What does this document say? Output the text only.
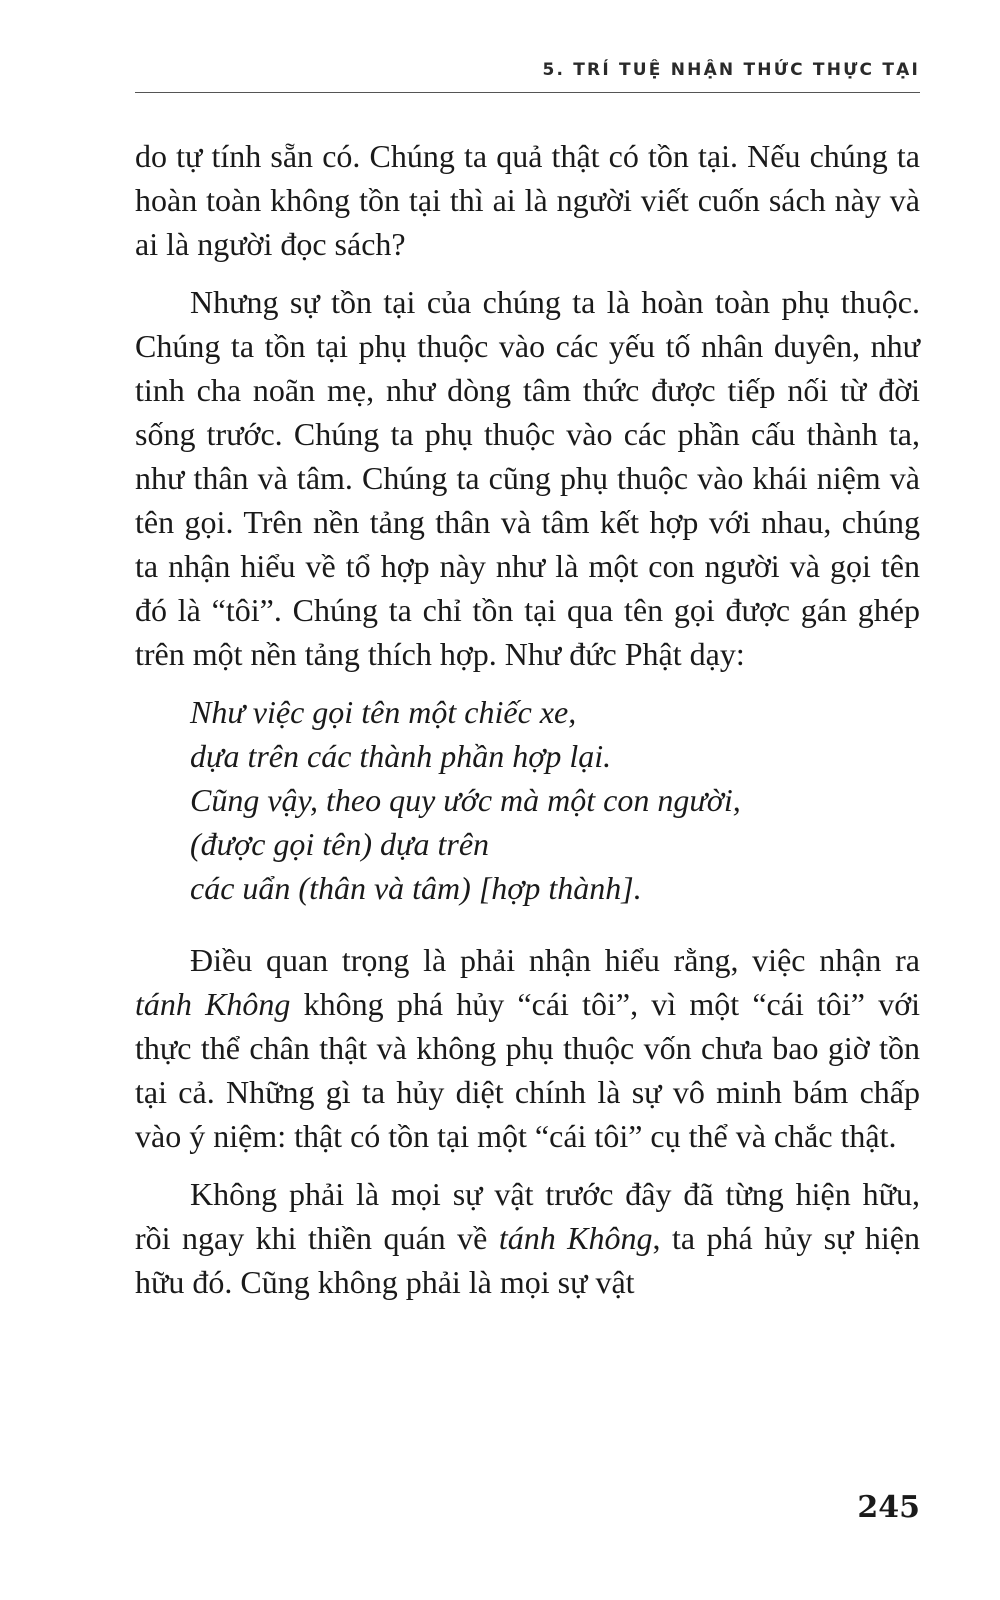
5. TRÍ TUỆ NHẬN THỨC THỰC TẠI

do tự tính sẵn có. Chúng ta quả thật có tồn tại. Nếu chúng ta hoàn toàn không tồn tại thì ai là người viết cuốn sách này và ai là người đọc sách?

Nhưng sự tồn tại của chúng ta là hoàn toàn phụ thuộc. Chúng ta tồn tại phụ thuộc vào các yếu tố nhân duyên, như tinh cha noãn mẹ, như dòng tâm thức được tiếp nối từ đời sống trước. Chúng ta phụ thuộc vào các phần cấu thành ta, như thân và tâm. Chúng ta cũng phụ thuộc vào khái niệm và tên gọi. Trên nền tảng thân và tâm kết hợp với nhau, chúng ta nhận hiểu về tổ hợp này như là một con người và gọi tên đó là “tôi”. Chúng ta chỉ tồn tại qua tên gọi được gán ghép trên một nền tảng thích hợp. Như đức Phật dạy:

Như việc gọi tên một chiếc xe,
dựa trên các thành phần hợp lại.
Cũng vậy, theo quy ước mà một con người,
(được gọi tên) dựa trên
các uẩn (thân và tâm) [hợp thành].

Điều quan trọng là phải nhận hiểu rằng, việc nhận ra tánh Không không phá hủy “cái tôi”, vì một “cái tôi” với thực thể chân thật và không phụ thuộc vốn chưa bao giờ tồn tại cả. Những gì ta hủy diệt chính là sự vô minh bám chấp vào ý niệm: thật có tồn tại một “cái tôi” cụ thể và chắc thật.

Không phải là mọi sự vật trước đây đã từng hiện hữu, rồi ngay khi thiền quán về tánh Không, ta phá hủy sự hiện hữu đó. Cũng không phải là mọi sự vật

245
